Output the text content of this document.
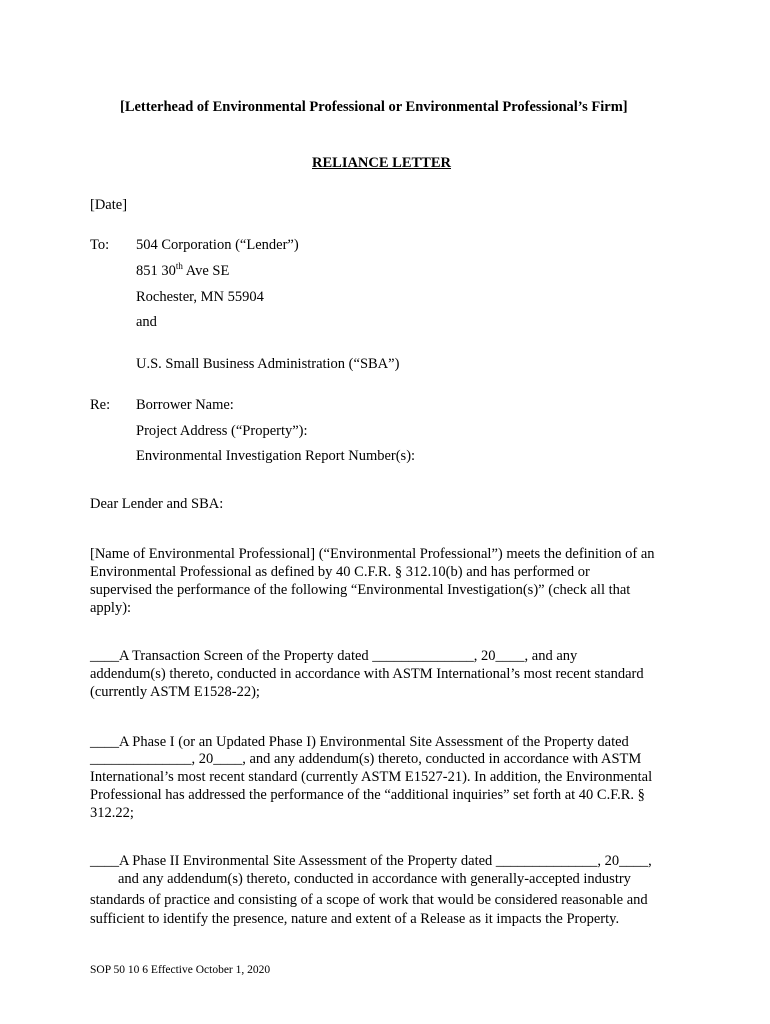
[Letterhead of Environmental Professional or Environmental Professional’s Firm]
RELIANCE LETTER
[Date]
To: 504 Corporation (“Lender”)
851 30th Ave SE
Rochester, MN 55904
and
U.S. Small Business Administration (“SBA”)
Re: Borrower Name:
Project Address (“Property”):
Environmental Investigation Report Number(s):
Dear Lender and SBA:
[Name of Environmental Professional] (“Environmental Professional”) meets the definition of an
Environmental Professional as defined by 40 C.F.R. § 312.10(b) and has performed or
supervised the performance of the following “Environmental Investigation(s)” (check all that
apply):
____A Transaction Screen of the Property dated ______________, 20____, and any
addendum(s) thereto, conducted in accordance with ASTM International’s most recent standard
(currently ASTM E1528-22);
____A Phase I (or an Updated Phase I) Environmental Site Assessment of the Property dated
______________, 20____, and any addendum(s) thereto, conducted in accordance with ASTM
International’s most recent standard (currently ASTM E1527-21). In addition, the Environmental
Professional has addressed the performance of the “additional inquiries” set forth at 40 C.F.R. §
312.22;
____A Phase II Environmental Site Assessment of the Property dated ______________, 20____,
and any addendum(s) thereto, conducted in accordance with generally-accepted industry
standards of practice and consisting of a scope of work that would be considered reasonable and
sufficient to identify the presence, nature and extent of a Release as it impacts the Property.
SOP 50 10 6 Effective October 1, 2020
